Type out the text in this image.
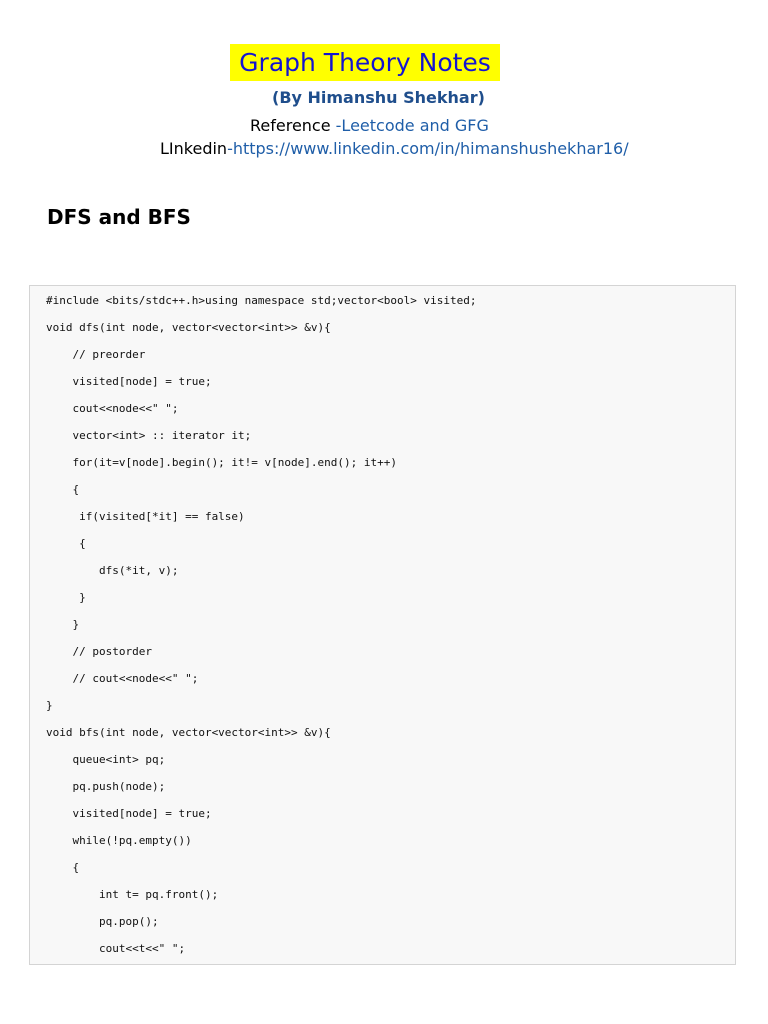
Graph Theory Notes
(By Himanshu Shekhar)
Reference -Leetcode and GFG
LInkedin-https://www.linkedin.com/in/himanshushekhar16/
DFS and BFS
#include <bits/stdc++.h>using namespace std;vector<bool> visited;
void dfs(int node, vector<vector<int>> &v){
// preorder
visited[node] = true;
cout<<node<<" ";
vector<int> :: iterator it;
for(it=v[node].begin(); it!= v[node].end(); it++)
{
if(visited[*it] == false)
{
dfs(*it, v);
}
}
// postorder
// cout<<node<<" ";
}
void bfs(int node, vector<vector<int>> &v){
queue<int> pq;
pq.push(node);
visited[node] = true;
while(!pq.empty())
{
int t= pq.front();
pq.pop();
cout<<t<<" ";
